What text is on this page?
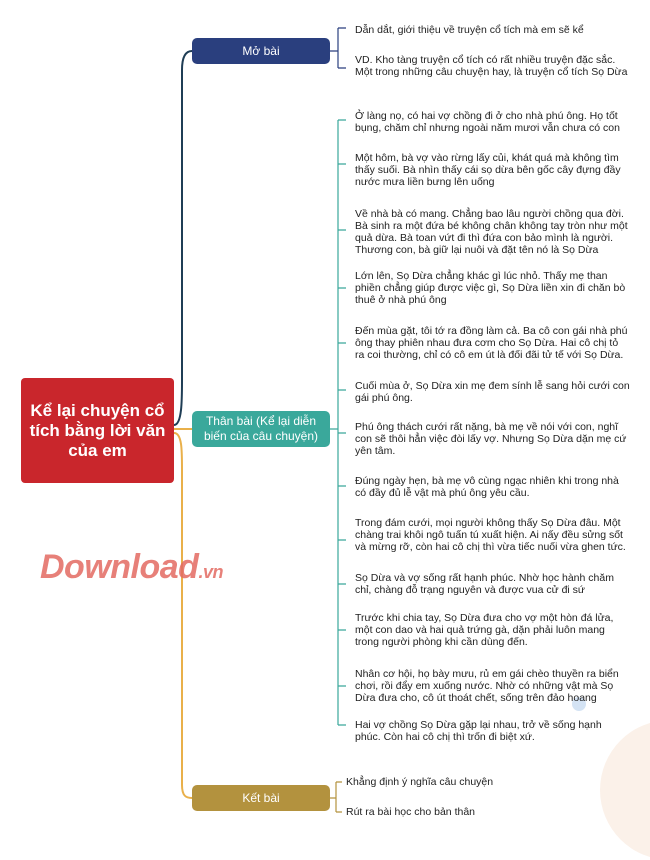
Kể lại chuyện cổ tích bằng lời văn của em
Mở bài
Thân bài (Kể lại diễn biến của câu chuyện)
Kết bài
Dẫn dắt, giới thiệu về truyện cổ tích mà em sẽ kể
VD. Kho tàng truyện cổ tích có rất nhiều truyện đặc sắc. Một trong những câu chuyện hay, là truyện cổ tích Sọ Dừa
Ở làng nọ, có hai vợ chồng đi ở cho nhà phú ông. Họ tốt bụng, chăm chỉ nhưng ngoài năm mươi vẫn chưa có con
Một hôm, bà vợ vào rừng lấy củi, khát quá mà không tìm thấy suối. Bà nhìn thấy cái sọ dừa bên gốc cây đựng đầy nước mưa liền bưng lên uống
Về nhà bà có mang. Chẳng bao lâu người chồng qua đời. Bà sinh ra một đứa bé không chân không tay tròn như một quả dừa. Bà toan vứt đi thì đứa con bảo mình là người. Thương con, bà giữ lại nuôi và đặt tên nó là Sọ Dừa
Lớn lên, Sọ Dừa chẳng khác gì lúc nhỏ. Thấy mẹ than phiền chẳng giúp được việc gì, Sọ Dừa liền xin đi chăn bò thuê ở nhà phú ông
Đến mùa gặt, tôi tớ ra đồng làm cả. Ba cô con gái nhà phú ông thay phiên nhau đưa cơm cho Sọ Dừa. Hai cô chị tỏ ra coi thường, chỉ có cô em út là đối đãi tử tế với Sọ Dừa.
Cuối mùa ở, Sọ Dừa xin mẹ đem sính lễ sang hỏi cưới con gái phú ông.
Phú ông thách cưới rất nặng, bà mẹ về nói với con, nghĩ con sẽ thôi hẳn việc đòi lấy vợ. Nhưng Sọ Dừa dặn mẹ cứ yên tâm.
Đúng ngày hẹn, bà mẹ vô cùng ngạc nhiên khi trong nhà có đầy đủ lễ vật mà phú ông yêu cầu.
Trong đám cưới, mọi người không thấy Sọ Dừa đâu. Một chàng trai khôi ngô tuấn tú xuất hiện. Ai nấy đều sửng sốt và mừng rỡ, còn hai cô chị thì vừa tiếc nuối vừa ghen tức.
Sọ Dừa và vợ sống rất hạnh phúc. Nhờ học hành chăm chỉ, chàng đỗ trạng nguyên và được vua cử đi sứ
Trước khi chia tay, Sọ Dừa đưa cho vợ một hòn đá lửa, một con dao và hai quả trứng gà, dặn phải luôn mang trong người phòng khi cần dùng đến.
Nhân cơ hội, họ bày mưu, rủ em gái chèo thuyền ra biển chơi, rồi đẩy em xuống nước. Nhờ có những vật mà Sọ Dừa đưa cho, cô út thoát chết, sống trên đảo hoang
Hai vợ chồng Sọ Dừa gặp lại nhau, trở về sống hạnh phúc. Còn hai cô chị thì trốn đi biệt xứ.
Khẳng định ý nghĩa câu chuyện
Rút ra bài học cho bản thân
Download.vn
